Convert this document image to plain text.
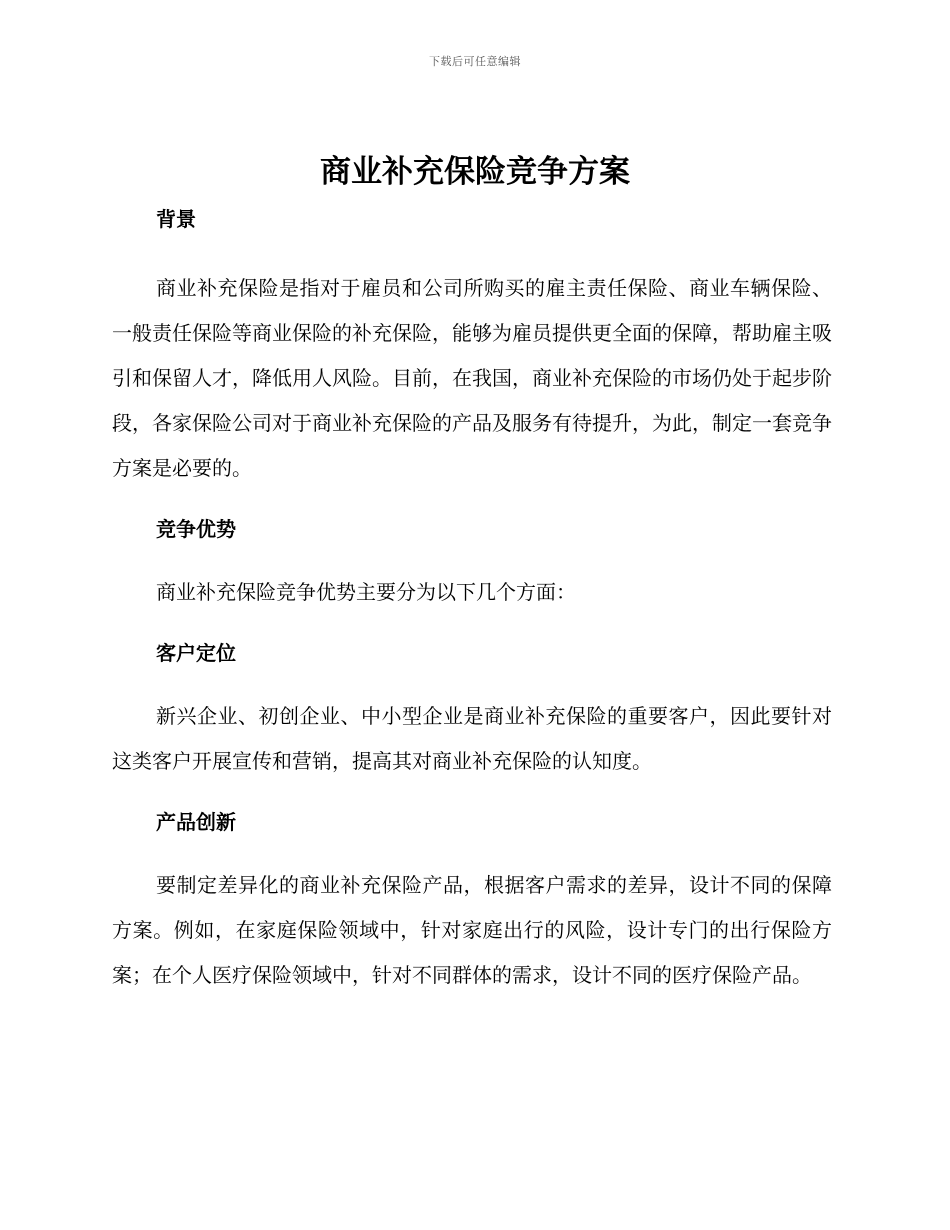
下载后可任意编辑
商业补充保险竞争方案
背景

商业补充保险是指对于雇员和公司所购买的雇主责任保险、商业车辆保险、一般责任保险等商业保险的补充保险，能够为雇员提供更全面的保障，帮助雇主吸引和保留人才，降低用人风险。目前，在我国，商业补充保险的市场仍处于起步阶段，各家保险公司对于商业补充保险的产品及服务有待提升，为此，制定一套竞争方案是必要的。

竞争优势

商业补充保险竞争优势主要分为以下几个方面：

客户定位

新兴企业、初创企业、中小型企业是商业补充保险的重要客户，因此要针对这类客户开展宣传和营销，提高其对商业补充保险的认知度。

产品创新

要制定差异化的商业补充保险产品，根据客户需求的差异，设计不同的保障方案。例如，在家庭保险领域中，针对家庭出行的风险，设计专门的出行保险方案；在个人医疗保险领域中，针对不同群体的需求，设计不同的医疗保险产品。
